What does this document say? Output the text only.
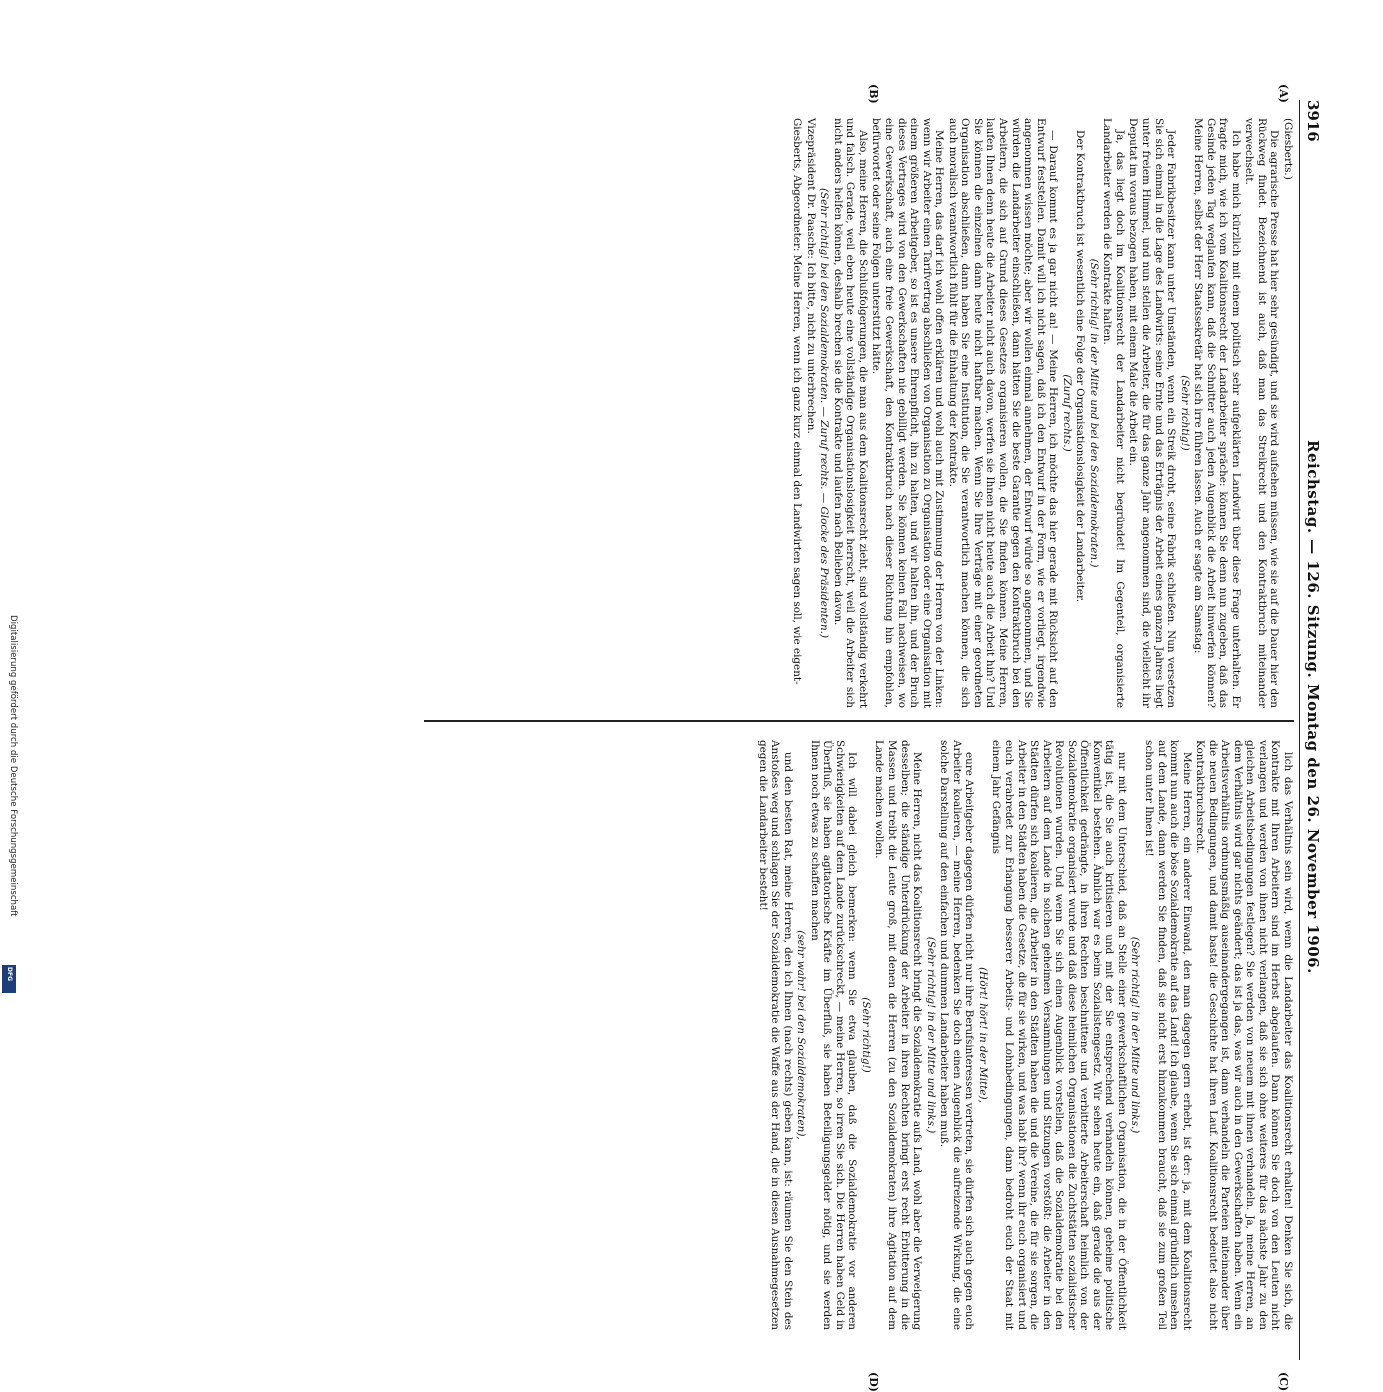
3916
Reichstag. — 126. Sitzung. Montag den 26. November 1906.
(A)
(B)
(C)
(D)

(Giesberts.)

Die agrarische Presse hat hier sehr gesündigt, und sie wird aufsehen müssen, wie sie auf die Dauer hier den Rückweg findet. Bezeichnend ist auch, daß man das Streikrecht und den Kontraktbruch miteinander verwechselt.

Ich habe mich kürzlich mit einem politisch sehr aufgeklärten Landwirt über diese Frage unterhalten. Er fragte mich, wie ich vom Koalitionsrecht der Landarbeiter spräche: können Sie denn nun zugeben, daß das Gesinde jeden Tag weglaufen kann, daß die Schnitter auch jeden Augenblick die Arbeit hinwerfen können? Meine Herren, selbst der Herr Staatssekretär hat sich irre führen lassen. Auch er sagte am Samstag:

(Sehr richtig!)

Jeder Fabrikbesitzer kann unter Umständen, wenn ein Streik droht, seine Fabrik schließen. Nun versetzen Sie sich einmal in die Lage des Landwirts: seine Ernte und das Erträgnis der Arbeit eines ganzen Jahres liegt unter freiem Himmel, und nun stellen die Arbeiter, die für das ganze Jahr angenommen sind, die vielleicht ihr Deputat im voraus bezogen haben, mit einem Male die Arbeit ein.

Ja, das liegt doch im Koalitionsrecht der Landarbeiter nicht begründet! Im Gegenteil, organisierte Landarbeiter werden die Kontrakte halten.

(Sehr richtig! in der Mitte und bei den Sozialdemokraten.)

Der Kontraktbruch ist wesentlich eine Folge der Organisationslosigkeit der Landarbeiter.

(Zuruf rechts.)

— Darauf kommt es ja gar nicht an! — Meine Herren, ich möchte das hier gerade mit Rücksicht auf den Entwurf feststellen. Damit will ich nicht sagen, daß ich den Entwurf in der Form, wie er vorliegt, irgendwie angenommen wissen möchte; aber wir wollen einmal annehmen, der Entwurf würde so angenommen, und Sie würden die Landarbeiter einschließen, dann hätten Sie die beste Garantie gegen den Kontraktbruch bei den Arbeitern, die sich auf Grund dieses Gesetzes organisieren wollen, die Sie finden können. Meine Herren, laufen Ihnen denn heute die Arbeiter nicht auch davon, werfen sie Ihnen nicht heute auch die Arbeit hin? Und Sie können die einzelnen dann heute nicht haftbar machen. Wenn Sie Ihre Verträge mit einer geordneten Organisation abschließen, dann haben Sie eine Institution, die Sie verantwortlich machen können, die sich auch moralisch verantwortlich fühlt für die Einhaltung der Kontrakte.

Meine Herren, das darf ich wohl offen erklären und wohl auch mit Zustimmung der Herren von der Linken: wenn wir Arbeiter einen Tarifvertrag abschließen von Organisation zu Organisation oder eine Organisation mit einem größeren Arbeitgeber, so ist es unsere Ehrenpflicht, ihn zu halten, und wir halten ihn, und der Bruch dieses Vertrages wird von den Gewerkschaften nie gebilligt werden. Sie können keinen Fall nachweisen, wo eine Gewerkschaft, auch eine freie Gewerkschaft, den Kontraktbruch nach dieser Richtung hin empfohlen, befürwortet oder seine Folgen unterstützt hätte.

Also, meine Herren, die Schlußfolgerungen, die man aus dem Koalitionsrecht zieht, sind vollständig verkehrt und falsch. Gerade, weil eben heute eine vollständige Organisationslosigkeit herrscht, weil die Arbeiter sich nicht anders helfen können, deshalb brechen sie die Kontrakte und laufen nach Belieben davon.

(Sehr richtig! bei den Sozialdemokraten. — Zuruf rechts. — Glocke des Präsidenten.)

Vizepräsident Dr. Paasche: Ich bitte, nicht zu unterbrechen.

Giesberts, Abgeordneter: Meine Herren, wenn ich ganz kurz einmal den Landwirten sagen soll, wie eigent-

lich das Verhältnis sein wird, wenn die Landarbeiter das Koalitionsrecht erhalten! Denken Sie sich, die Kontrakte mit Ihren Arbeitern sind im Herbst abgelaufen. Dann können Sie doch von den Leuten nicht verlangen und werden von ihnen nicht verlangen, daß sie sich ohne weiteres für das nächste Jahr zu den gleichen Arbeitsbedingungen festlegen? Sie werden von neuem mit ihnen verhandeln. Ja, meine Herren, an dem Verhältnis wird gar nichts geändert; das ist ja das, was wir auch in den Gewerkschaften haben. Wenn ein Arbeitsverhältnis ordnungsmäßig auseinandergegangen ist, dann verhandeln die Parteien miteinander über die neuen Bedingungen, und damit basta! die Geschichte hat ihren Lauf. Koalitionsrecht bedeutet also nicht Kontraktbruchsrecht.

Meine Herren, ein anderer Einwand, den man dagegen gern erhebt, ist der: ja, mit dem Koalitionsrecht kommt nun auch die böse Sozialdemokratie auf das Land! Ich glaube, wenn Sie sich einmal gründlich umsehen auf dem Lande, dann werden Sie finden, daß sie nicht erst hinzukommen braucht, daß sie zum großen Teil schon unter Ihnen ist!

(Sehr richtig! in der Mitte und links.)

nur mit dem Unterschied, daß an Stelle einer gewerkschaftlichen Organisation, die in der Öffentlichkeit tätig ist, die Sie auch kritisieren und mit der Sie entsprechend verhandeln können, geheime politische Konventikel bestehen. Ähnlich war es beim Sozialistengesetz. Wir sehen heute ein, daß gerade die aus der Öffentlichkeit gedrängte, in ihren Rechten beschnittene und verbitterte Arbeiterschaft heimlich von der Sozialdemokratie organisiert wurde und daß diese heimlichen Organisationen die Zuchtstätten sozialistischer Revolutionen wurden. Und wenn Sie sich einen Augenblick vorstellen, daß die Sozialdemokratie bei den Arbeitern auf dem Lande in solchen geheimen Versammlungen und Sitzungen vorstößt: die Arbeiter in den Städten dürfen sich koalieren, die Arbeiter in den Städten haben die und die Vereine, die für sie sorgen, die Arbeiter in den Städten haben die Gesetze, die für sie wirken, und was habt ihr? wenn ihr euch organisiert und euch verabredet zur Erlangung besserer Arbeits- und Lohnbedingungen, dann bedroht euch der Staat mit einem Jahr Gefängnis

(Hört! hört! in der Mitte),

eure Arbeitgeber dagegen dürfen nicht nur ihre Berufsinteressen vertreten, sie dürfen sich auch gegen euch Arbeiter koalieren, — meine Herren, bedenken Sie doch einen Augenblick die aufreizende Wirkung, die eine solche Darstellung auf den einfachen und dummen Landarbeiter haben muß.

(Sehr richtig! in der Mitte und links.)

Meine Herren, nicht das Koalitionsrecht bringt die Sozialdemokratie aufs Land, wohl aber die Verweigerung desselben; die ständige Unterdrückung der Arbeiter in ihren Rechten bringt erst recht Erbitterung in die Massen und treibt die Leute groß, mit denen die Herren (zu den Sozialdemokraten) ihre Agitation auf dem Lande machen wollen.

(Sehr richtig!)

Ich will dabei gleich bemerken: wenn Sie etwa glauben, daß die Sozialdemokratie vor anderen Schwierigkeiten auf dem Lande zurückschreckt, — meine Herren, so irren Sie sich. Die Herren haben Geld in Überfluß, sie haben agitatorische Kräfte im Überfluß, sie haben Beteiligungsgelder nötig, und sie werden Ihnen noch etwas zu schaffen machen

(sehr wahr! bei den Sozialdemokraten),

und den besten Rat, meine Herren, den ich Ihnen (nach rechts) geben kann, ist: räumen Sie den Stein des Anstoßes weg und schlagen Sie der Sozialdemokratie die Waffe aus der Hand, die in diesen Ausnahmegesetzen gegen die Landarbeiter besteht!

Digitalisierung gefördert durch die Deutsche Forschungsgemeinschaft
DFG
